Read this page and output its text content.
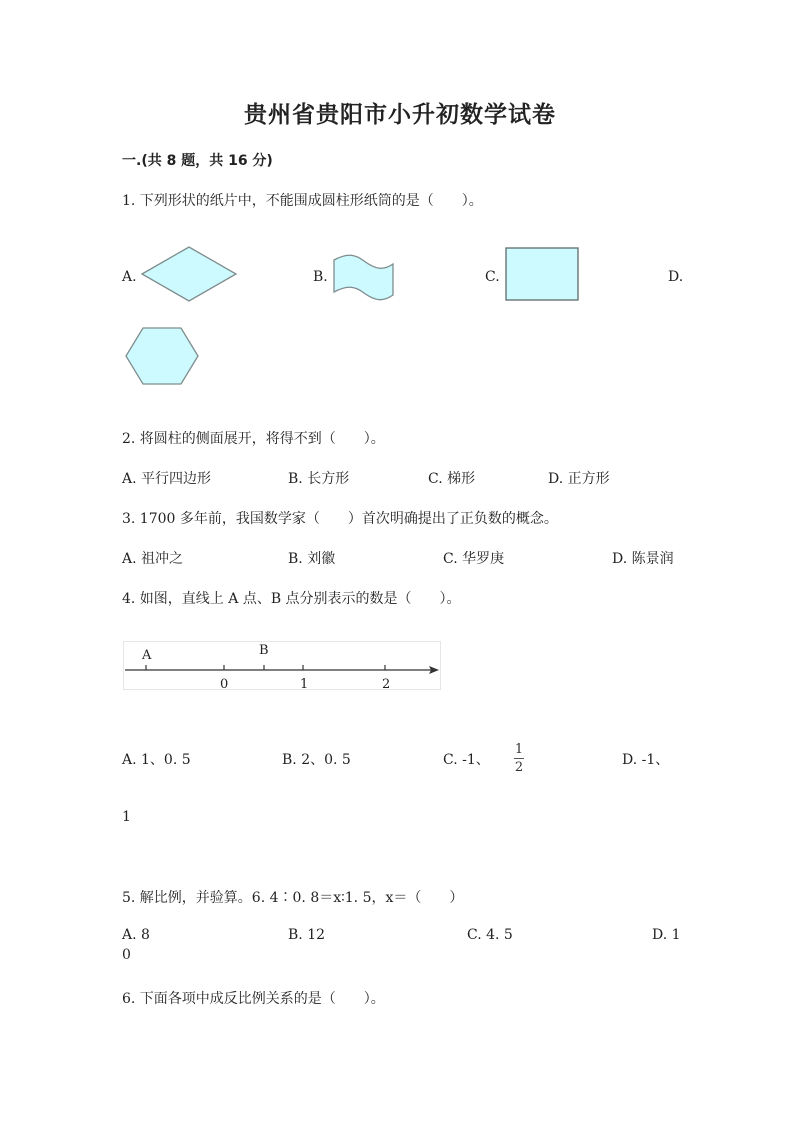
贵州省贵阳市小升初数学试卷
一.(共 8 题，共 16 分)
1. 下列形状的纸片中，不能围成圆柱形纸筒的是（　　）。
A.	B.	C.	D.
2. 将圆柱的侧面展开，将得不到（　　）。
A. 平行四边形	B. 长方形	C. 梯形	D. 正方形
3. 1700 多年前，我国数学家（　　）首次明确提出了正负数的概念。
A. 祖冲之	B. 刘徽	C. 华罗庚	D. 陈景润
4. 如图，直线上 A 点、B 点分别表示的数是（　　）。
A	B
0	1	2
A. 1、0. 5	B. 2、0. 5	C. -1、
1
2	D. -1、
1
5. 解比例，并验算。6. 4∶0. 8＝x∶1. 5，x＝（　　）
A. 8	B. 12	C. 4. 5	D. 1
0
6. 下面各项中成反比例关系的是（　　）。
